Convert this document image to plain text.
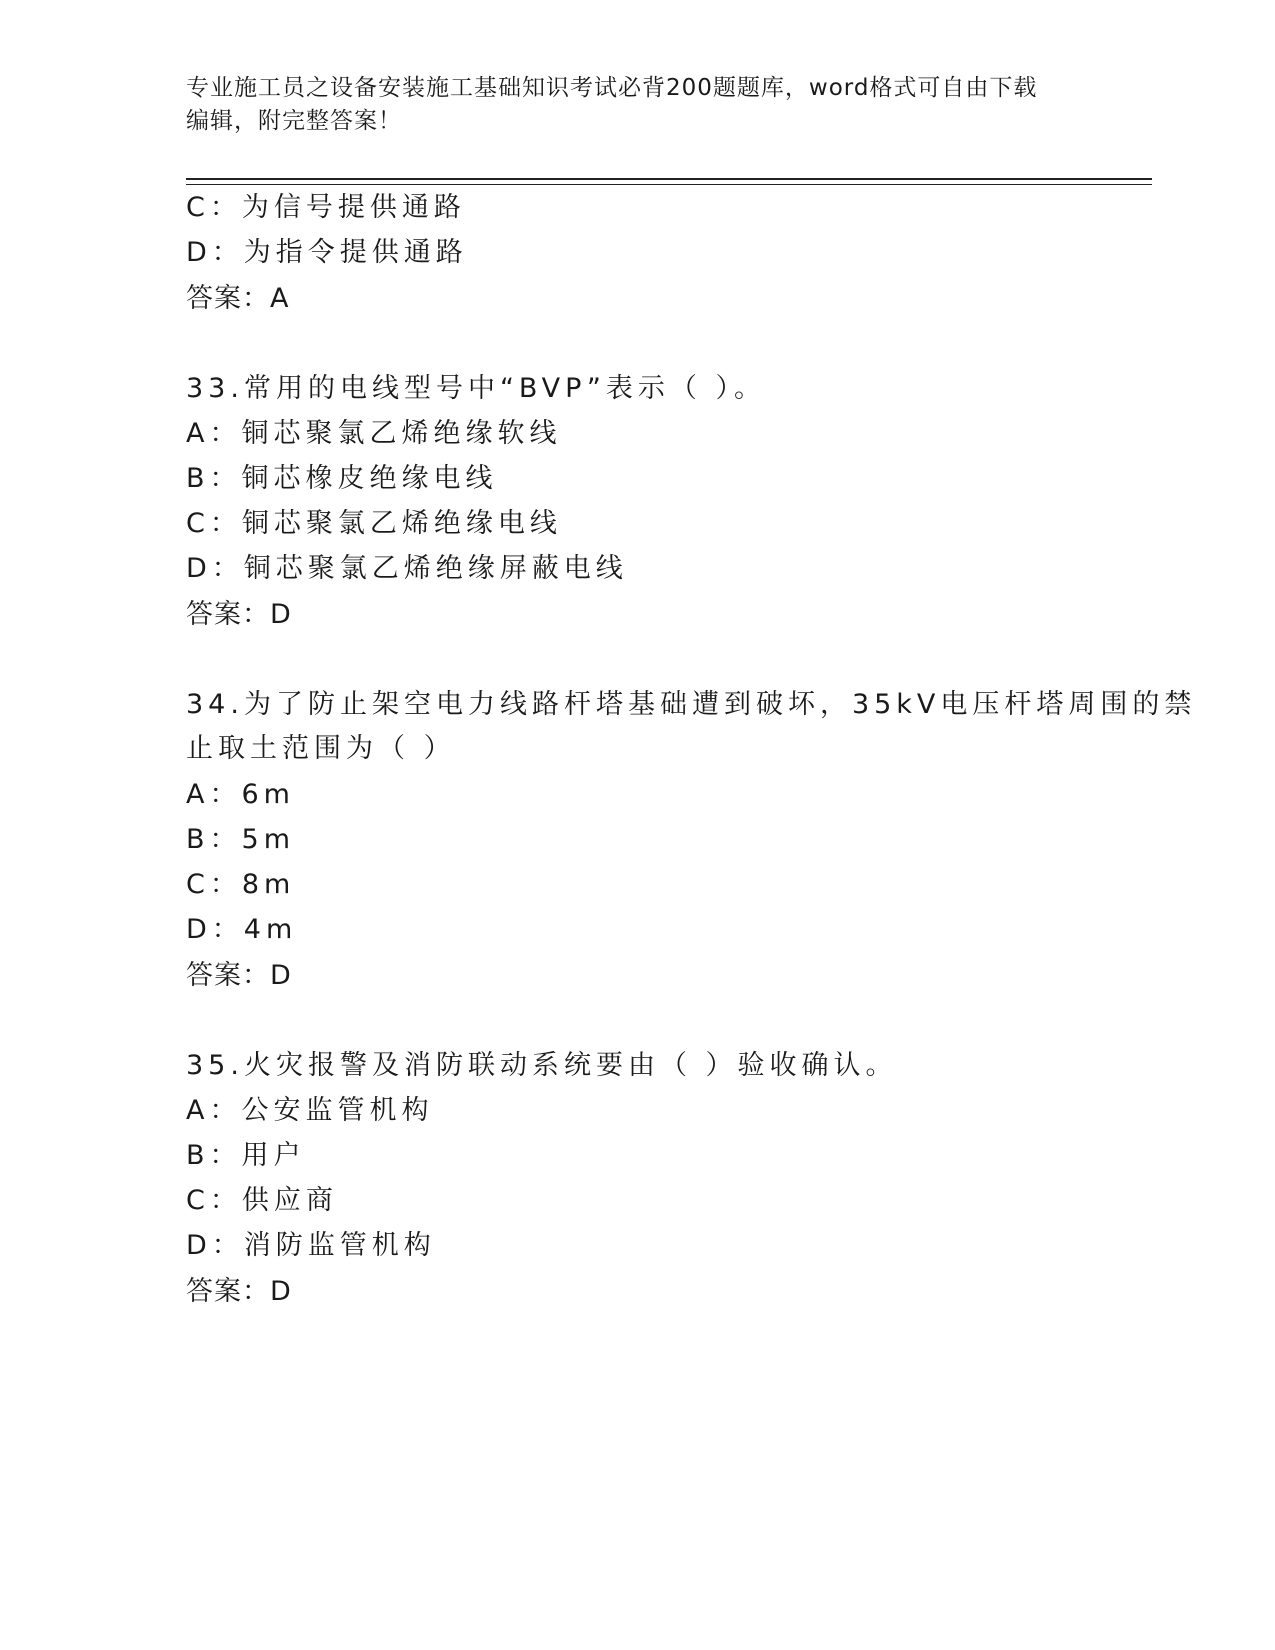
专业施工员之设备安装施工基础知识考试必背200题题库，word格式可自由下载
编辑，附完整答案！
C：为信号提供通路
D：为指令提供通路
答案：A
33.常用的电线型号中“BVP”表示（ ）。
A：铜芯聚氯乙烯绝缘软线
B：铜芯橡皮绝缘电线
C：铜芯聚氯乙烯绝缘电线
D：铜芯聚氯乙烯绝缘屏蔽电线
答案：D
34.为了防止架空电力线路杆塔基础遭到破坏，35kV电压杆塔周围的禁
止取土范围为（ ）
A：6m
B：5m
C：8m
D：4m
答案：D
35.火灾报警及消防联动系统要由（ ）验收确认。
A：公安监管机构
B：用户
C：供应商
D：消防监管机构
答案：D
